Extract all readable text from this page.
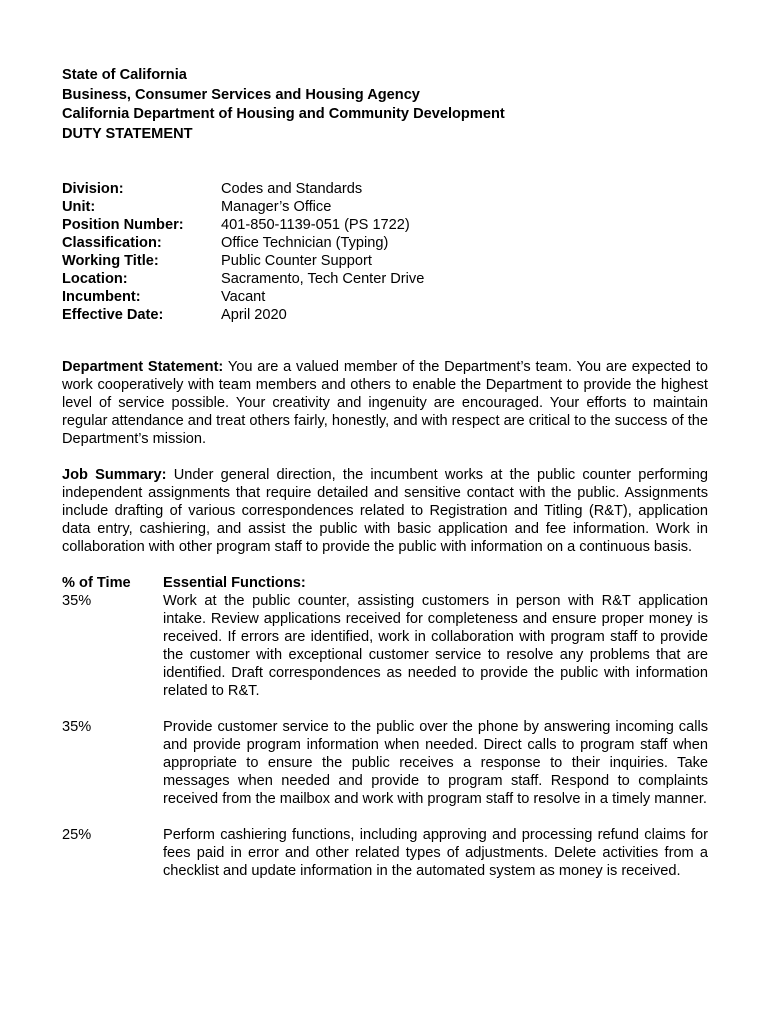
State of California
Business, Consumer Services and Housing Agency
California Department of Housing and Community Development
DUTY STATEMENT
Division:	Codes and Standards
Unit:	Manager’s Office
Position Number:	401-850-1139-051 (PS 1722)
Classification:	Office Technician (Typing)
Working Title:	Public Counter Support
Location:	Sacramento, Tech Center Drive
Incumbent:	Vacant
Effective Date:	April 2020
Department Statement: You are a valued member of the Department’s team. You are expected to work cooperatively with team members and others to enable the Department to provide the highest level of service possible. Your creativity and ingenuity are encouraged. Your efforts to maintain regular attendance and treat others fairly, honestly, and with respect are critical to the success of the Department’s mission.
Job Summary: Under general direction, the incumbent works at the public counter performing independent assignments that require detailed and sensitive contact with the public. Assignments include drafting of various correspondences related to Registration and Titling (R&T), application data entry, cashiering, and assist the public with basic application and fee information. Work in collaboration with other program staff to provide the public with information on a continuous basis.
% of Time	Essential Functions:
35%	Work at the public counter, assisting customers in person with R&T application intake. Review applications received for completeness and ensure proper money is received. If errors are identified, work in collaboration with program staff to provide the customer with exceptional customer service to resolve any problems that are identified. Draft correspondences as needed to provide the public with information related to R&T.
35%	Provide customer service to the public over the phone by answering incoming calls and provide program information when needed. Direct calls to program staff when appropriate to ensure the public receives a response to their inquiries. Take messages when needed and provide to program staff. Respond to complaints received from the mailbox and work with program staff to resolve in a timely manner.
25%	Perform cashiering functions, including approving and processing refund claims for fees paid in error and other related types of adjustments. Delete activities from a checklist and update information in the automated system as money is received.
